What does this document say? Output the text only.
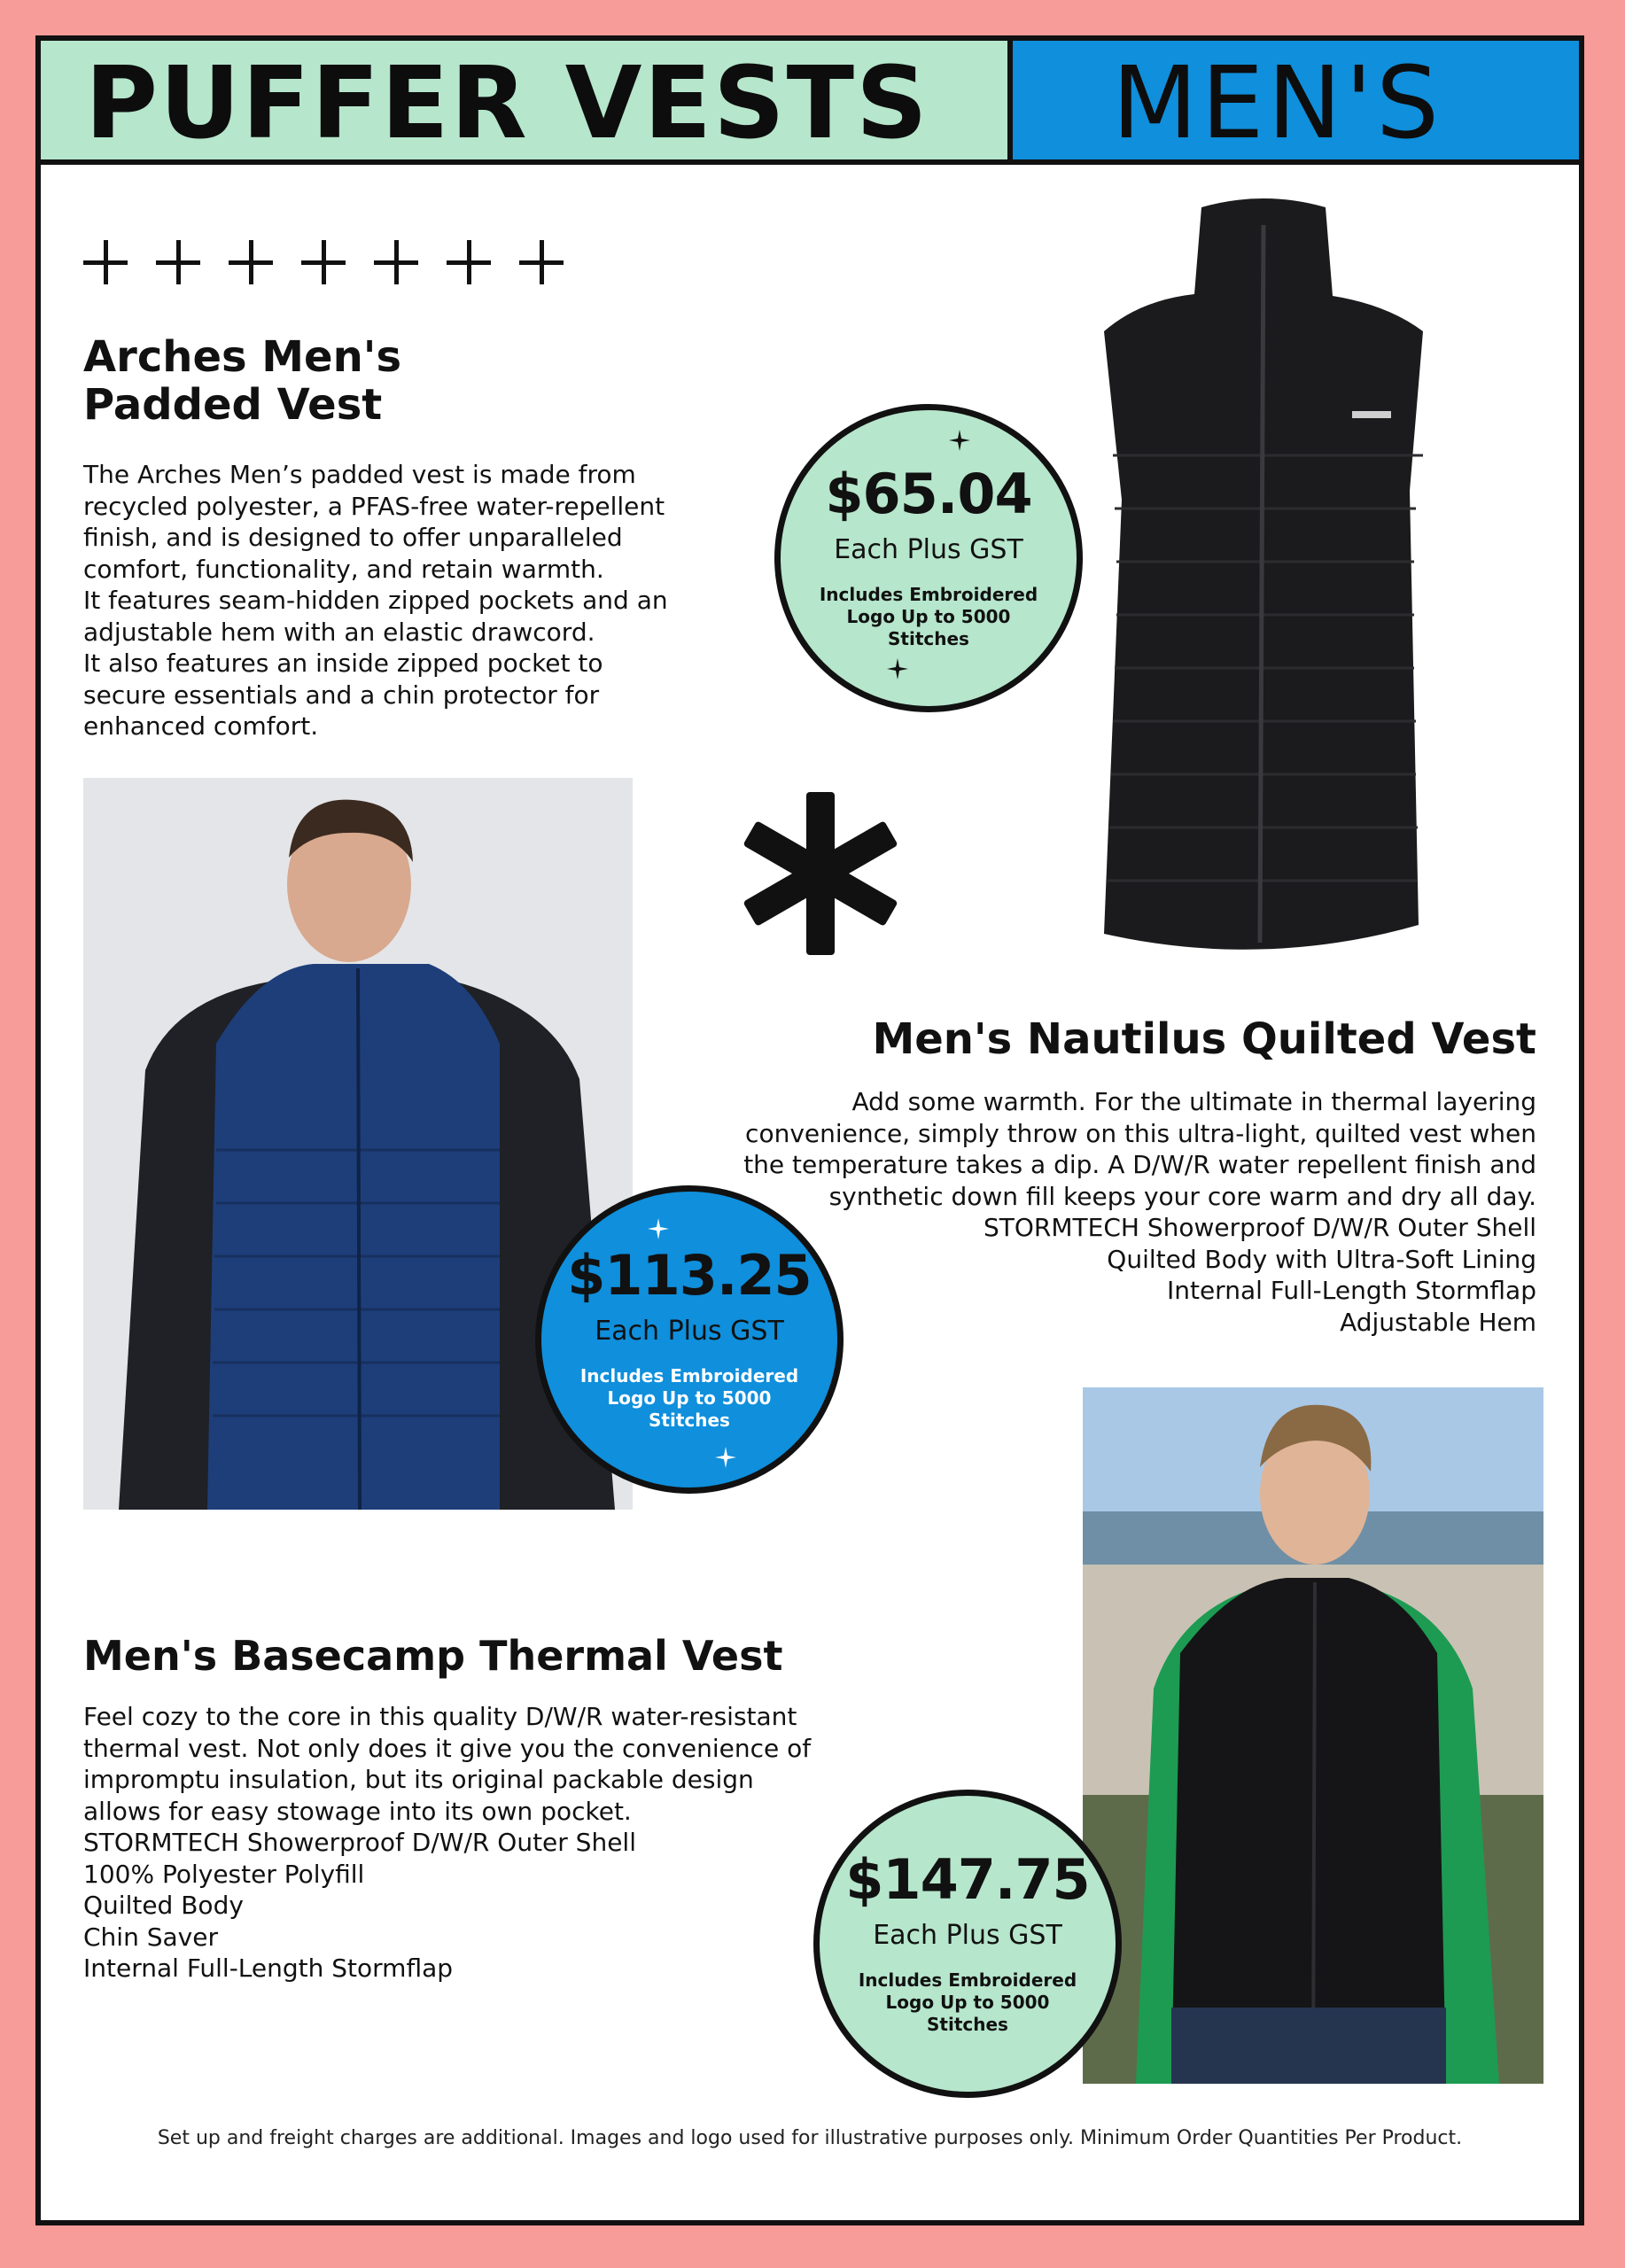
PUFFER VESTS MEN'S
Arches Men's
Padded Vest
The Arches Men’s padded vest is made from
recycled polyester, a PFAS-free water-repellent
finish, and is designed to offer unparalleled
comfort, functionality, and retain warmth.
It features seam-hidden zipped pockets and an
adjustable hem with an elastic drawcord.
It also features an inside zipped pocket to
secure essentials and a chin protector for
enhanced comfort.
$65.04
Each Plus GST
Includes Embroidered Logo Up to 5000 Stitches
Men's Nautilus Quilted Vest
Add some warmth. For the ultimate in thermal layering
convenience, simply throw on this ultra-light, quilted vest when
the temperature takes a dip. A D/W/R water repellent finish and
synthetic down fill keeps your core warm and dry all day.
STORMTECH Showerproof D/W/R Outer Shell
Quilted Body with Ultra-Soft Lining
Internal Full-Length Stormflap
Adjustable Hem
$113.25
Each Plus GST
Includes Embroidered Logo Up to 5000 Stitches
Men's Basecamp Thermal Vest
Feel cozy to the core in this quality D/W/R water-resistant
thermal vest. Not only does it give you the convenience of
impromptu insulation, but its original packable design
allows for easy stowage into its own pocket.
STORMTECH Showerproof D/W/R Outer Shell
100% Polyester Polyfill
Quilted Body
Chin Saver
Internal Full-Length Stormflap
$147.75
Each Plus GST
Includes Embroidered Logo Up to 5000 Stitches
Set up and freight charges are additional. Images and logo used for illustrative purposes only. Minimum Order Quantities Per Product.
